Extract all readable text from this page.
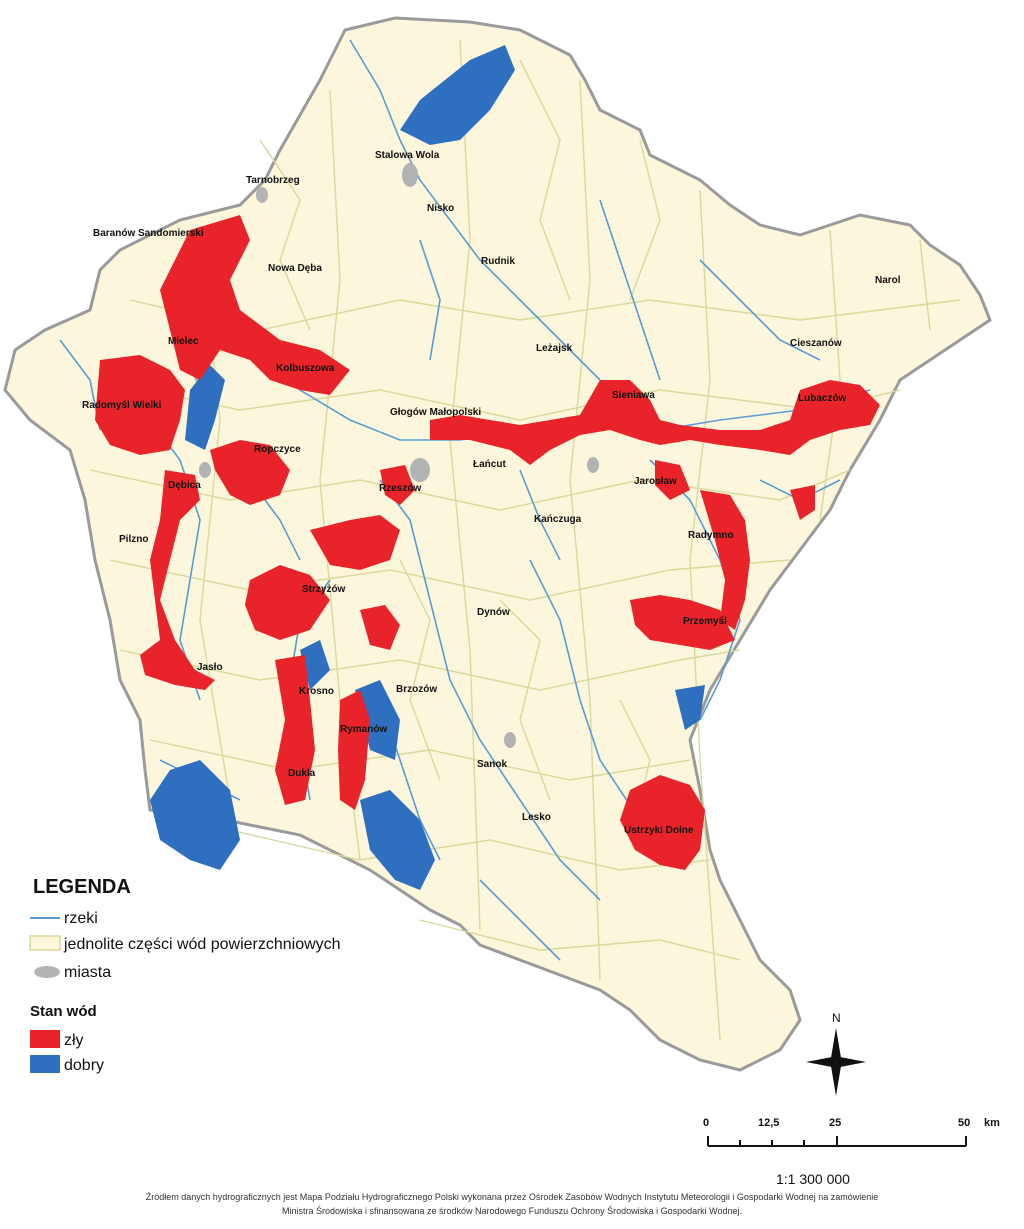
Stalowa Wola
Tarnobrzeg
Nisko
Baranów Sandomierski
Nowa Dęba
Rudnik
Narol
Mielec
Kolbuszowa
Leżajsk	Cieszanów
Radomyśl Wielki
Głogów Małopolski
Sieniawa	Lubaczów
Ropczyce
Łańcut
Dębica	Rzeszów
Jarosław
Kańczuga
Pilzno	Radymno
Strzyżów
Dynów
Przemyśl
Jasło
Krosno	Brzozów
Rymanów
Dukla
Sanok
Lesko
Ustrzyki Dolne
LEGENDA
rzeki
jednolite części wód powierzchniowych
miasta
Stan wód
zły
dobry
N
0	12,5	25	50 km
1:1 300 000
Źródłem danych hydrograficznych jest Mapa Podziału Hydrograficznego Polski wykonana przez Ośrodek Zasobów Wodnych Instytutu Meteorologii i Gospodarki Wodnej na zamówienie
Ministra Środowiska i sfinansowana ze środków Narodowego Funduszu Ochrony Środowiska i Gospodarki Wodnej.
